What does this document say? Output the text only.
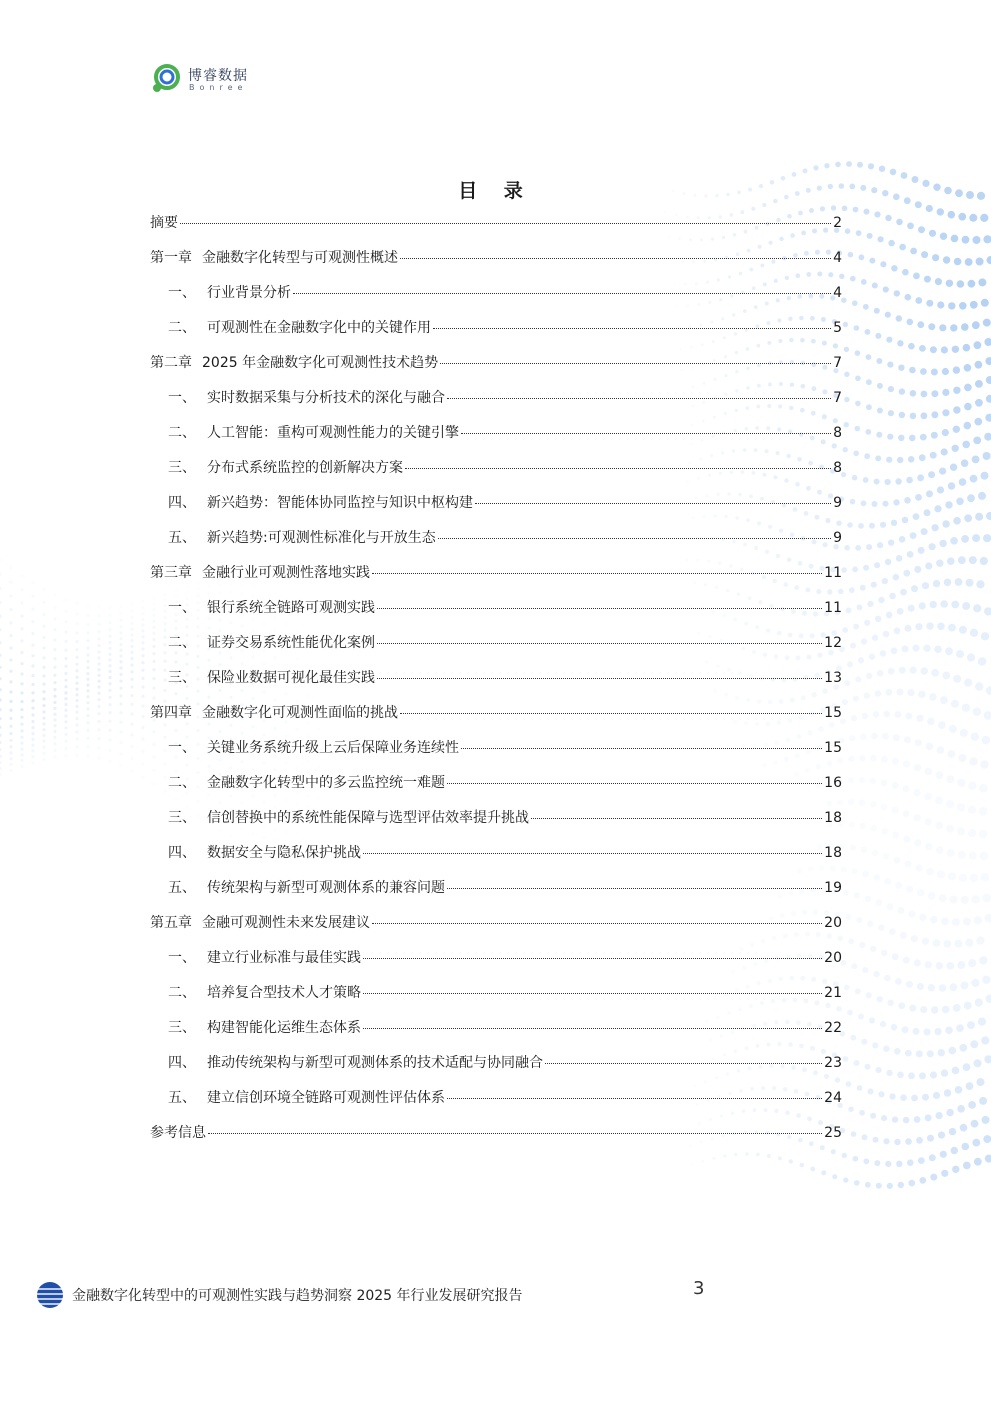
博睿数据
Bonree
目 录
摘要	2
第一章 金融数字化转型与可观测性概述	4
一、 行业背景分析	4
二、 可观测性在金融数字化中的关键作用	5
第二章 2025 年金融数字化可观测性技术趋势	7
一、 实时数据采集与分析技术的深化与融合	7
二、 人工智能：重构可观测性能力的关键引擎	8
三、 分布式系统监控的创新解决方案	8
四、 新兴趋势：智能体协同监控与知识中枢构建	9
五、 新兴趋势:可观测性标准化与开放生态	9
第三章 金融行业可观测性落地实践	11
一、 银行系统全链路可观测实践	11
二、 证券交易系统性能优化案例	12
三、 保险业数据可视化最佳实践	13
第四章 金融数字化可观测性面临的挑战	15
一、 关键业务系统升级上云后保障业务连续性	15
二、 金融数字化转型中的多云监控统一难题	16
三、 信创替换中的系统性能保障与选型评估效率提升挑战	18
四、 数据安全与隐私保护挑战	18
五、 传统架构与新型可观测体系的兼容问题	19
第五章 金融可观测性未来发展建议	20
一、 建立行业标准与最佳实践	20
二、 培养复合型技术人才策略	21
三、 构建智能化运维生态体系	22
四、 推动传统架构与新型可观测体系的技术适配与协同融合	23
五、 建立信创环境全链路可观测性评估体系	24
参考信息	25
金融数字化转型中的可观测性实践与趋势洞察 2025 年行业发展研究报告	3
